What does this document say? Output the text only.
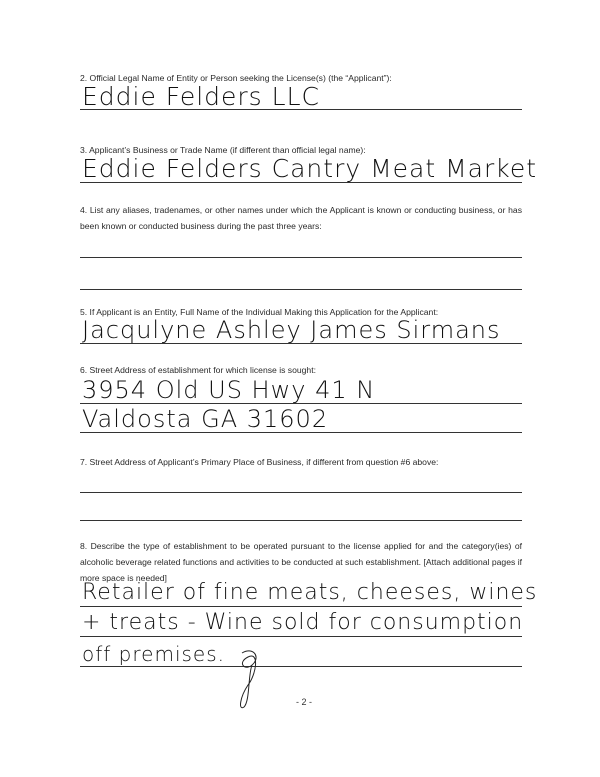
2. Official Legal Name of Entity or Person seeking the License(s) (the “Applicant”):
Eddie Felders LLC
3. Applicant’s Business or Trade Name (if different than official legal name):
Eddie Felders Cantry Meat Market
4. List any aliases, tradenames, or other names under which the Applicant is known or conducting business, or has been known or conducted business during the past three years:
5. If Applicant is an Entity, Full Name of the Individual Making this Application for the Applicant:
Jacqulyne Ashley James Sirmans
6. Street Address of establishment for which license is sought:
3954 Old US Hwy 41 N
Valdosta GA 31602
7. Street Address of Applicant’s Primary Place of Business, if different from question #6 above:
8. Describe the type of establishment to be operated pursuant to the license applied for and the category(ies) of alcoholic beverage related functions and activities to be conducted at such establishment. [Attach additional pages if more space is needed]
Retailer of fine meats, cheeses, wines
+ treats - Wine sold for consumption
off premises.
- 2 -
